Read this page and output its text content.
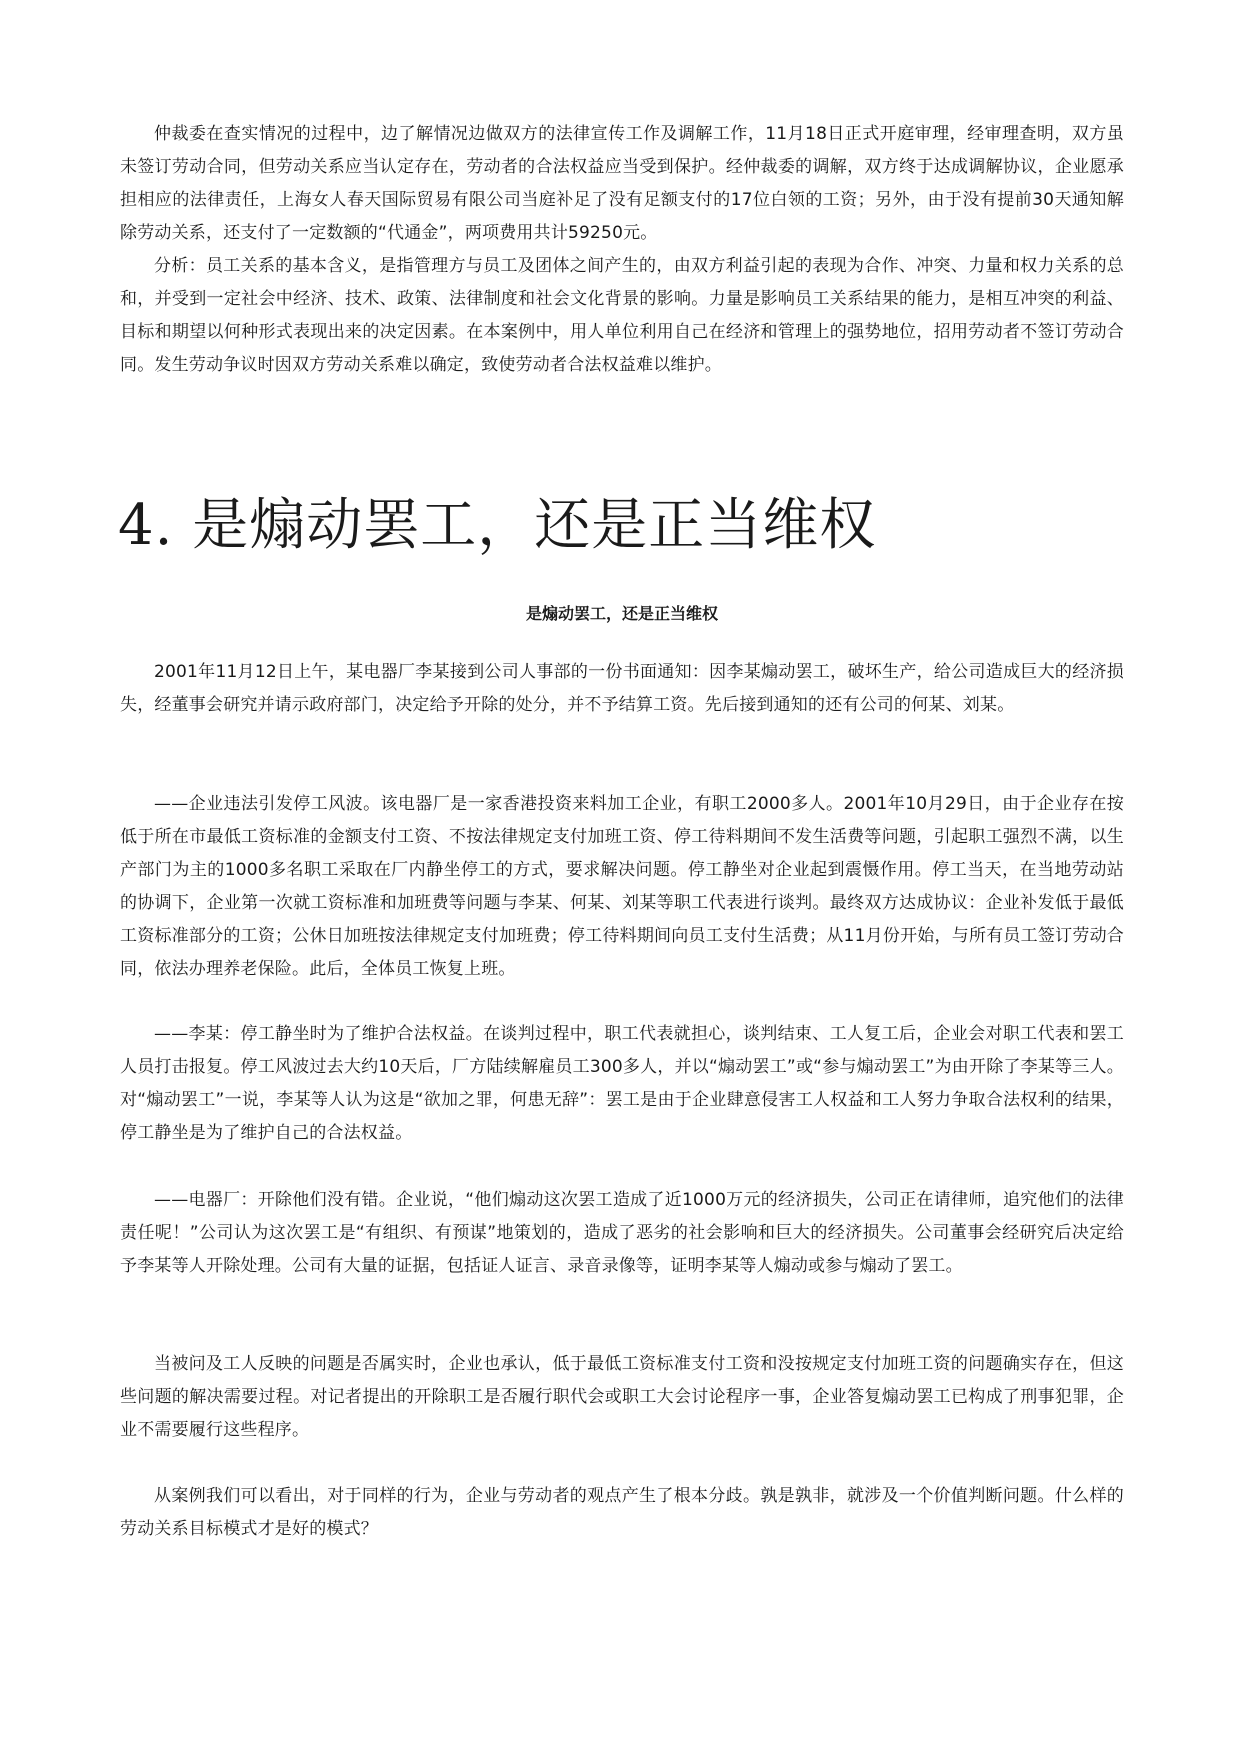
仲裁委在查实情况的过程中，边了解情况边做双方的法律宣传工作及调解工作，11月18日正式开庭审理，经审理查明，双方虽未签订劳动合同，但劳动关系应当认定存在，劳动者的合法权益应当受到保护。经仲裁委的调解，双方终于达成调解协议，企业愿承担相应的法律责任，上海女人春天国际贸易有限公司当庭补足了没有足额支付的17位白领的工资；另外，由于没有提前30天通知解除劳动关系，还支付了一定数额的“代通金”，两项费用共计59250元。

分析：员工关系的基本含义，是指管理方与员工及团体之间产生的，由双方利益引起的表现为合作、冲突、力量和权力关系的总和，并受到一定社会中经济、技术、政策、法律制度和社会文化背景的影响。力量是影响员工关系结果的能力，是相互冲突的利益、目标和期望以何种形式表现出来的决定因素。在本案例中，用人单位利用自己在经济和管理上的强势地位，招用劳动者不签订劳动合同。发生劳动争议时因双方劳动关系难以确定，致使劳动者合法权益难以维护。

4. 是煽动罢工，还是正当维权
是煽动罢工，还是正当维权

2001年11月12日上午，某电器厂李某接到公司人事部的一份书面通知：因李某煽动罢工，破坏生产，给公司造成巨大的经济损失，经董事会研究并请示政府部门，决定给予开除的处分，并不予结算工资。先后接到通知的还有公司的何某、刘某。

——企业违法引发停工风波。该电器厂是一家香港投资来料加工企业，有职工2000多人。2001年10月29日，由于企业存在按低于所在市最低工资标准的金额支付工资、不按法律规定支付加班工资、停工待料期间不发生活费等问题，引起职工强烈不满，以生产部门为主的1000多名职工采取在厂内静坐停工的方式，要求解决问题。停工静坐对企业起到震慑作用。停工当天，在当地劳动站的协调下，企业第一次就工资标准和加班费等问题与李某、何某、刘某等职工代表进行谈判。最终双方达成协议：企业补发低于最低工资标准部分的工资；公休日加班按法律规定支付加班费；停工待料期间向员工支付生活费；从11月份开始，与所有员工签订劳动合同，依法办理养老保险。此后，全体员工恢复上班。

——李某：停工静坐时为了维护合法权益。在谈判过程中，职工代表就担心，谈判结束、工人复工后，企业会对职工代表和罢工人员打击报复。停工风波过去大约10天后，厂方陆续解雇员工300多人，并以“煽动罢工”或“参与煽动罢工”为由开除了李某等三人。对“煽动罢工”一说，李某等人认为这是“欲加之罪，何患无辞”：罢工是由于企业肆意侵害工人权益和工人努力争取合法权利的结果，停工静坐是为了维护自己的合法权益。

——电器厂：开除他们没有错。企业说，“他们煽动这次罢工造成了近1000万元的经济损失，公司正在请律师，追究他们的法律责任呢！”公司认为这次罢工是“有组织、有预谋”地策划的，造成了恶劣的社会影响和巨大的经济损失。公司董事会经研究后决定给予李某等人开除处理。公司有大量的证据，包括证人证言、录音录像等，证明李某等人煽动或参与煽动了罢工。

当被问及工人反映的问题是否属实时，企业也承认，低于最低工资标准支付工资和没按规定支付加班工资的问题确实存在，但这些问题的解决需要过程。对记者提出的开除职工是否履行职代会或职工大会讨论程序一事，企业答复煽动罢工已构成了刑事犯罪，企业不需要履行这些程序。

从案例我们可以看出，对于同样的行为，企业与劳动者的观点产生了根本分歧。孰是孰非，就涉及一个价值判断问题。什么样的劳动关系目标模式才是好的模式？
